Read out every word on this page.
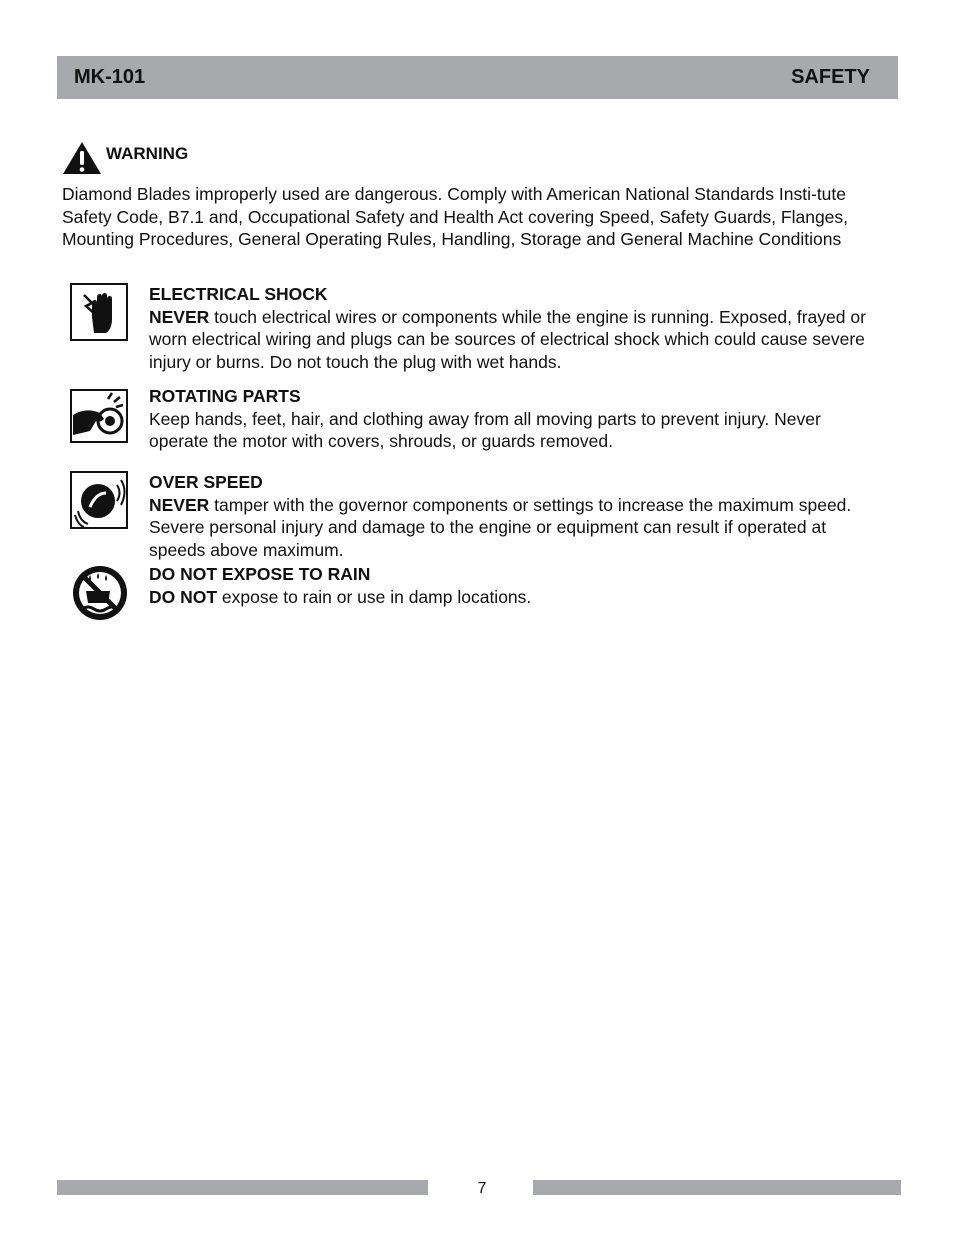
MK-101	SAFETY
WARNING

Diamond Blades improperly used are dangerous. Comply with American National Standards Insti-tute Safety Code, B7.1 and, Occupational Safety and Health Act covering Speed, Safety Guards, Flanges, Mounting Procedures, General Operating Rules, Handling, Storage and General Machine Conditions

ELECTRICAL SHOCK
NEVER touch electrical wires or components while the engine is running. Exposed, frayed or worn electrical wiring and plugs can be sources of electrical shock which could cause severe injury or burns. Do not touch the plug with wet hands.
ROTATING PARTS
Keep hands, feet, hair, and clothing away from all moving parts to prevent injury. Never operate the motor with covers, shrouds, or guards removed.
OVER SPEED
NEVER tamper with the governor components or settings to increase the maximum speed. Severe personal injury and damage to the engine or equipment can result if operated at speeds above maximum.
DO NOT EXPOSE TO RAIN
DO NOT expose to rain or use in damp locations.
7
